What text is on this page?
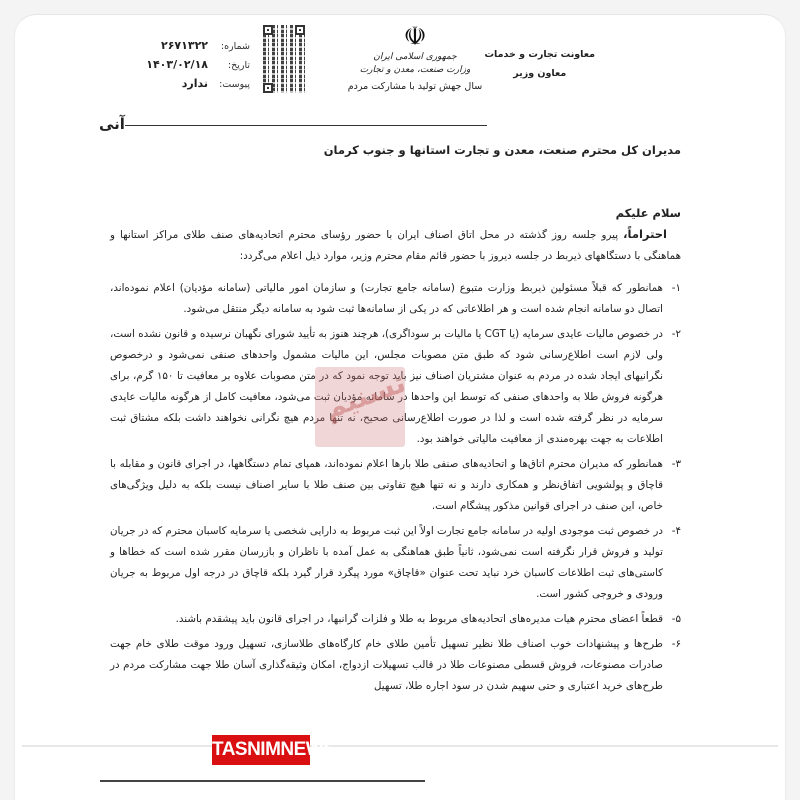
شماره:
۲۶۷۱۳۲۲
تاریخ:
۱۴۰۳/۰۲/۱۸
پیوست:
ندارد
☫
جمهوری اسلامی ایران
وزارت صنعت، معدن و تجارت
سال جهش تولید با مشارکت مردم
معاونت تجارت و خدمات
معاون وزیر
آنی
مدیران کل محترم صنعت، معدن و تجارت استانها و جنوب کرمان
سلام علیکم
احتراماً، پیرو جلسه روز گذشته در محل اتاق اصناف ایران با حضور رؤسای محترم اتحادیه‌های صنف طلای مراکز استانها و هماهنگی با دستگاههای ذیربط در جلسه دیروز با حضور قائم مقام محترم وزیر، موارد ذیل اعلام می‌گردد:
۱-
همانطور که قبلاً مسئولین ذیربط وزارت متبوع (سامانه جامع تجارت) و سازمان امور مالیاتی (سامانه مؤدیان) اعلام نموده‌اند، اتصال دو سامانه انجام شده است و هر اطلاعاتی که در یکی از سامانه‌ها ثبت شود به سامانه دیگر منتقل می‌شود.
۲-
در خصوص مالیات عایدی سرمایه (یا CGT یا مالیات بر سوداگری)، هرچند هنوز به تأیید شورای نگهبان نرسیده و قانون نشده است، ولی لازم است اطلاع‌رسانی شود که طبق متن مصوبات مجلس، این مالیات مشمول واحدهای صنفی نمی‌شود و درخصوص نگرانیهای ایجاد شده در مردم به عنوان مشتریان اصناف نیز باید توجه نمود که در متن مصوبات علاوه بر معافیت تا ۱۵۰ گرم، برای هرگونه فروش طلا به واحدهای صنفی که توسط این واحدها در سامانه مؤدیان ثبت می‌شود، معافیت کامل از هرگونه مالیات عایدی سرمایه در نظر گرفته شده است و لذا در صورت اطلاع‌رسانی صحیح، نه تنها مردم هیچ نگرانی نخواهند داشت بلکه مشتاق ثبت اطلاعات به جهت بهره‌مندی از معافیت مالیاتی خواهند بود.
۳-
همانطور که مدیران محترم اتاق‌ها و اتحادیه‌های صنفی طلا بارها اعلام نموده‌اند، همپای تمام دستگاهها، در اجرای قانون و مقابله با قاچاق و پولشویی اتفاق‌نظر و همکاری دارند و نه تنها هیچ تفاوتی بین صنف طلا با سایر اصناف نیست بلکه به دلیل ویژگی‌های خاص، این صنف در اجرای قوانین مذکور پیشگام است.
۴-
در خصوص ثبت موجودی اولیه در سامانه جامع تجارت اولاً این ثبت مربوط به دارایی شخصی یا سرمایه کاسبان محترم که در جریان تولید و فروش قرار نگرفته است نمی‌شود، ثانیاً طبق هماهنگی به عمل آمده با ناظران و بازرسان مقرر شده است که خطاها و کاستی‌های ثبت اطلاعات کاسبان خرد نباید تحت عنوان «قاچاق» مورد پیگرد قرار گیرد بلکه قاچاق در درجه اول مربوط به جریان ورودی و خروجی کشور است.
۵-
قطعاً اعضای محترم هیات مدیره‌های اتحادیه‌های مربوط به طلا و فلزات گرانبها، در اجرای قانون باید پیشقدم باشند.
۶-
طرح‌ها و پیشنهادات خوب اصناف طلا نظیر تسهیل تأمین طلای خام کارگاه‌های طلاسازی، تسهیل ورود موقت طلای خام جهت صادرات مصنوعات، فروش قسطی مصنوعات طلا در قالب تسهیلات ازدواج، امکان وثیقه‌گذاری آسان طلا جهت مشارکت مردم در طرح‌های خرید اعتباری و حتی سهیم شدن در سود اجاره طلا، تسهیل
تسنیم
TASNIMNEWS
